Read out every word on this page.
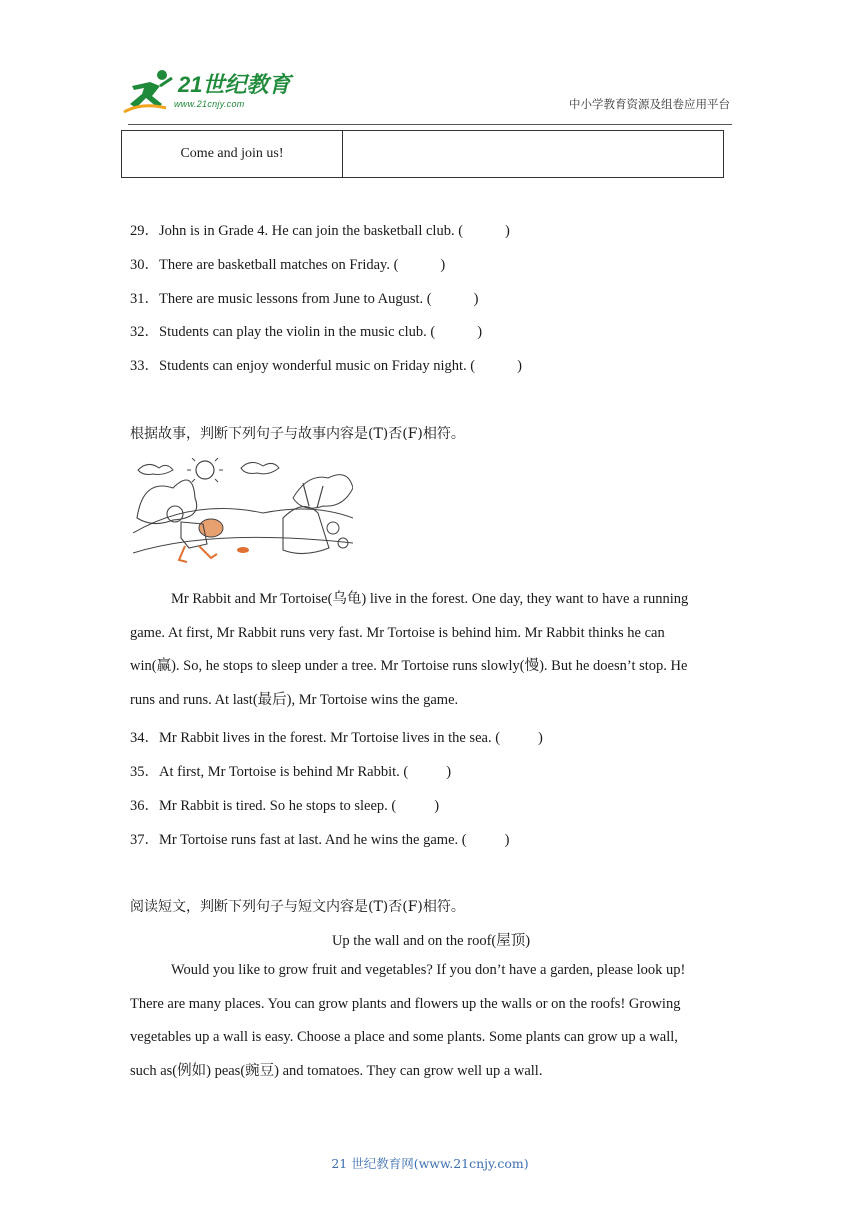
21世纪教育
www.21cnjy.com	中小学教育资源及组卷应用平台
Come and join us!	
29．John is in Grade 4. He can join the basketball club. (	)
30．There are basketball matches on Friday. (	)
31．There are music lessons from June to August. (	)
32．Students can play the violin in the music club. (	)
33．Students can enjoy wonderful music on Friday night. (	)
根据故事，判断下列句子与故事内容是(T)否(F)相符。
Mr Rabbit and Mr Tortoise(乌龟) live in the forest. One day, they want to have a running
game. At first, Mr Rabbit runs very fast. Mr Tortoise is behind him. Mr Rabbit thinks he can
win(赢). So, he stops to sleep under a tree. Mr Tortoise runs slowly(慢). But he doesn’t stop. He
runs and runs. At last(最后), Mr Tortoise wins the game.
34．Mr Rabbit lives in the forest. Mr Tortoise lives in the sea. (	)
35．At first, Mr Tortoise is behind Mr Rabbit. (	)
36．Mr Rabbit is tired. So he stops to sleep. (	)
37．Mr Tortoise runs fast at last. And he wins the game. (	)
阅读短文，判断下列句子与短文内容是(T)否(F)相符。
Up the wall and on the roof(屋顶)
Would you like to grow fruit and vegetables? If you don’t have a garden, please look up!
There are many places. You can grow plants and flowers up the walls or on the roofs! Growing
vegetables up a wall is easy. Choose a place and some plants. Some plants can grow up a wall,
such as(例如) peas(豌豆) and tomatoes. They can grow well up a wall.
21 世纪教育网(www.21cnjy.com)
